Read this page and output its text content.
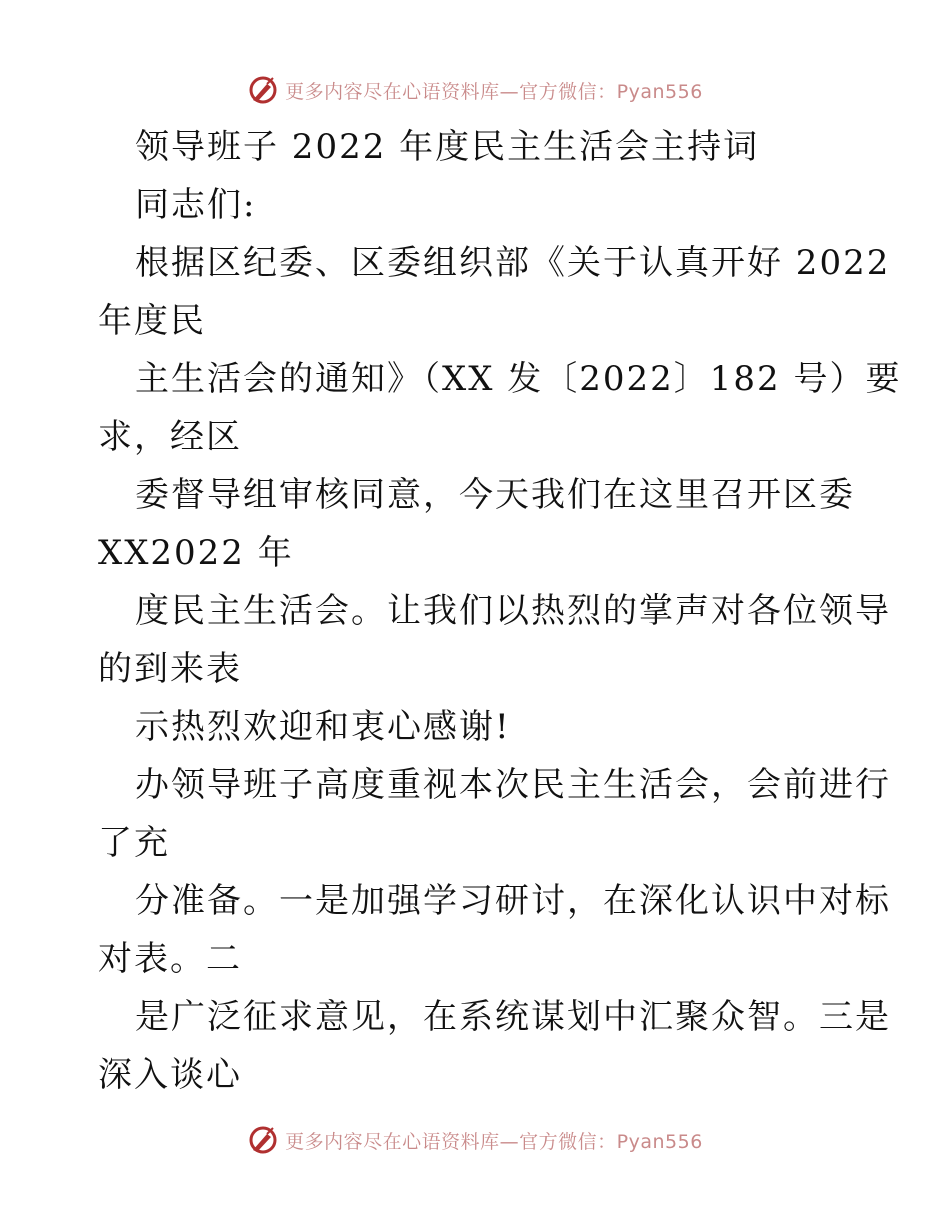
更多内容尽在心语资料库—官方微信：Pyan556
领导班子 2022 年度民主生活会主持词
同志们:
根据区纪委、区委组织部《关于认真开好 2022
年度民
主生活会的通知》（XX 发〔2022〕182 号）要
求，经区
委督导组审核同意，今天我们在这里召开区委
XX2022 年
度民主生活会。让我们以热烈的掌声对各位领导
的到来表
示热烈欢迎和衷心感谢!
办领导班子高度重视本次民主生活会，会前进行
了充
分准备。一是加强学习研讨，在深化认识中对标
对表。二
是广泛征求意见，在系统谋划中汇聚众智。三是
深入谈心
更多内容尽在心语资料库—官方微信：Pyan556
